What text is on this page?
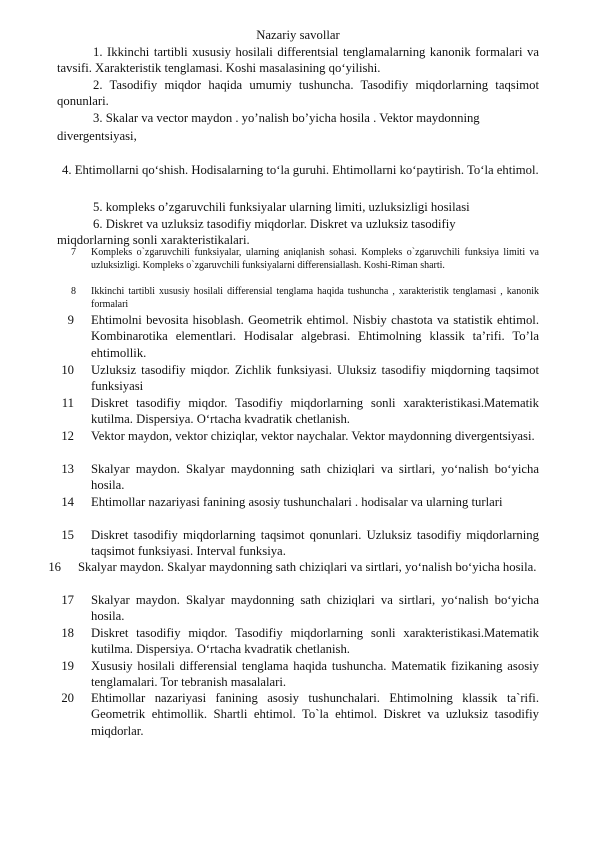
Nazariy savollar
1. Ikkinchi tartibli xususiy hosilali differentsial tenglamalarning kanonik formalari va tavsifi. Xarakteristik tenglamasi. Koshi masalasining qo‘yilishi.
2. Tasodifiy miqdor haqida umumiy tushuncha. Tasodifiy miqdorlarning taqsimot qonunlari.
3. Skalar va vector maydon . yo’nalish bo’yicha hosila . Vektor maydonning divergentsiyasi,
4. Ehtimollarni qo‘shish. Hodisalarning to‘la guruhi. Ehtimollarni ko‘paytirish. To‘la ehtimol.
5. kompleks o’zgaruvchili funksiyalar ularning limiti, uzluksizligi hosilasi
6. Diskret va uzluksiz tasodifiy miqdorlar. Diskret va uzluksiz tasodifiy miqdorlarning sonli xarakteristikalari.
7 Kompleks o`zgaruvchili funksiyalar, ularning aniqlanish sohasi. Kompleks o`zgaruvchili funksiya limiti va uzluksizligi. Kompleks o`zgaruvchili funksiyalarni differensiallash. Koshi-Riman sharti.
8 Ikkinchi tartibli xususiy hosilali differensial tenglama haqida tushuncha , xarakteristik tenglamasi , kanonik formalari
9 Ehtimolni bevosita hisoblash. Geometrik ehtimol. Nisbiy chastota va statistik ehtimol. Kombinarotika elementlari. Hodisalar algebrasi. Ehtimolning klassik ta’rifi. To’la ehtimollik.
10 Uzluksiz tasodifiy miqdor. Zichlik funksiyasi. Uluksiz tasodifiy miqdorning taqsimot funksiyasi
11 Diskret tasodifiy miqdor. Tasodifiy miqdorlarning sonli xarakteristikasi.Matematik kutilma. Dispersiya. O‘rtacha kvadratik chetlanish.
12 Vektor maydon, vektor chiziqlar, vektor naychalar. Vektor maydonning divergentsiyasi.
13 Skalyar maydon. Skalyar maydonning sath chiziqlari va sirtlari, yo‘nalish bo‘yicha hosila.
14 Ehtimollar nazariyasi fanining asosiy tushunchalari . hodisalar va ularning turlari
15 Diskret tasodifiy miqdorlarning taqsimot qonunlari. Uzluksiz tasodifiy miqdorlarning taqsimot funksiyasi. Interval funksiya.
16 Skalyar maydon. Skalyar maydonning sath chiziqlari va sirtlari, yo‘nalish bo‘yicha hosila.
17 Skalyar maydon. Skalyar maydonning sath chiziqlari va sirtlari, yo‘nalish bo‘yicha hosila.
18 Diskret tasodifiy miqdor. Tasodifiy miqdorlarning sonli xarakteristikasi.Matematik kutilma. Dispersiya. O‘rtacha kvadratik chetlanish.
19 Xususiy hosilali differensial tenglama haqida tushuncha. Matematik fizikaning asosiy tenglamalari. Tor tebranish masalalari.
20 Ehtimollar nazariyasi fanining asosiy tushunchalari. Ehtimolning klassik ta`rifi. Geometrik ehtimollik. Shartli ehtimol. To`la ehtimol. Diskret va uzluksiz tasodifiy miqdorlar.
